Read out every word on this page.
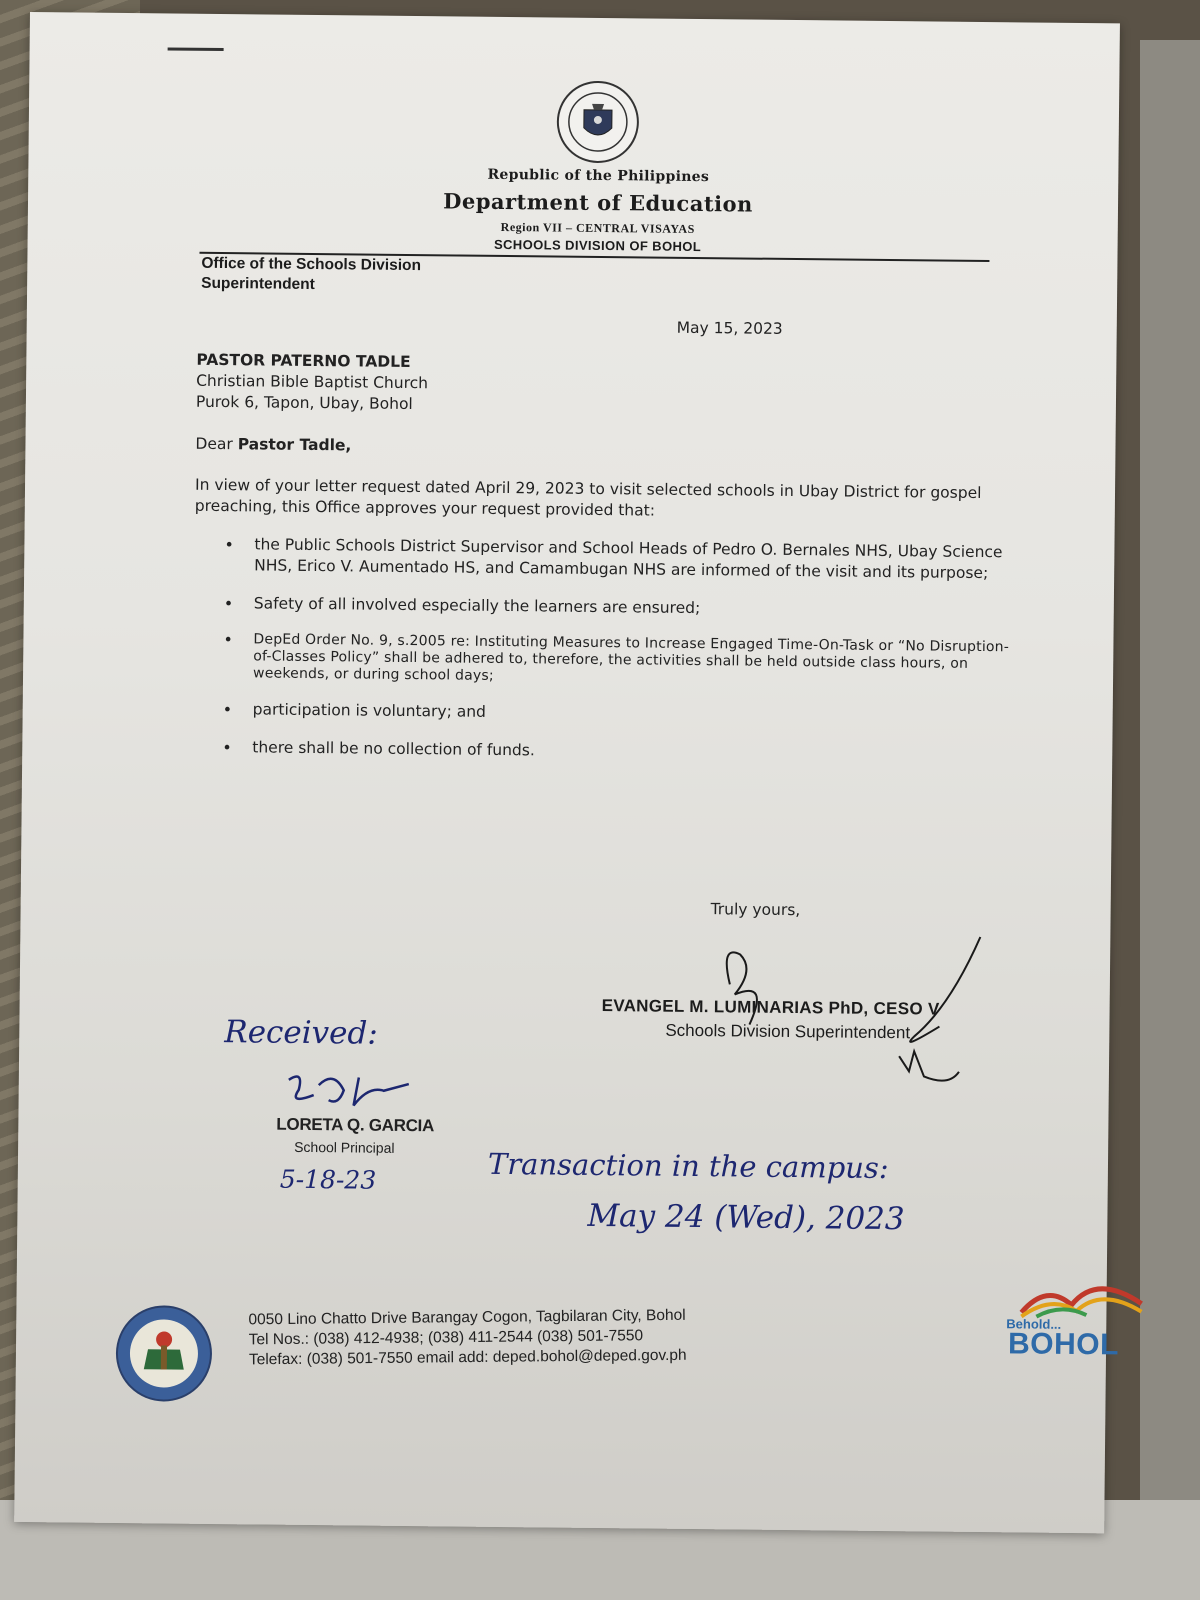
Republic of the Philippines
Department of Education
Region VII – CENTRAL VISAYAS
SCHOOLS DIVISION OF BOHOL
Office of the Schools Division Superintendent
May 15, 2023
PASTOR PATERNO TADLE
Christian Bible Baptist Church
Purok 6, Tapon, Ubay, Bohol
Dear Pastor Tadle,
In view of your letter request dated April 29, 2023 to visit selected schools in Ubay District for gospel preaching, this Office approves your request provided that:
• the Public Schools District Supervisor and School Heads of Pedro O. Bernales NHS, Ubay Science NHS, Erico V. Aumentado HS, and Camambugan NHS are informed of the visit and its purpose;
• Safety of all involved especially the learners are ensured;
• DepEd Order No. 9, s.2005 re: Instituting Measures to Increase Engaged Time-On-Task or “No Disruption-of-Classes Policy” shall be adhered to, therefore, the activities shall be held outside class hours, on weekends, or during school days;
• participation is voluntary; and
• there shall be no collection of funds.
Truly yours,
EVANGEL M. LUMINARIAS PhD, CESO V
Schools Division Superintendent
Received:
LORETA Q. GARCIA
School Principal
5-18-23	Transaction in the campus:
May 24 (Wed), 2023
0050 Lino Chatto Drive Barangay Cogon, Tagbilaran City, Bohol
Tel Nos.: (038) 412-4938; (038) 411-2544 (038) 501-7550
Telefax: (038) 501-7550 email add: deped.bohol@deped.gov.ph
Behold...
BOHOL
